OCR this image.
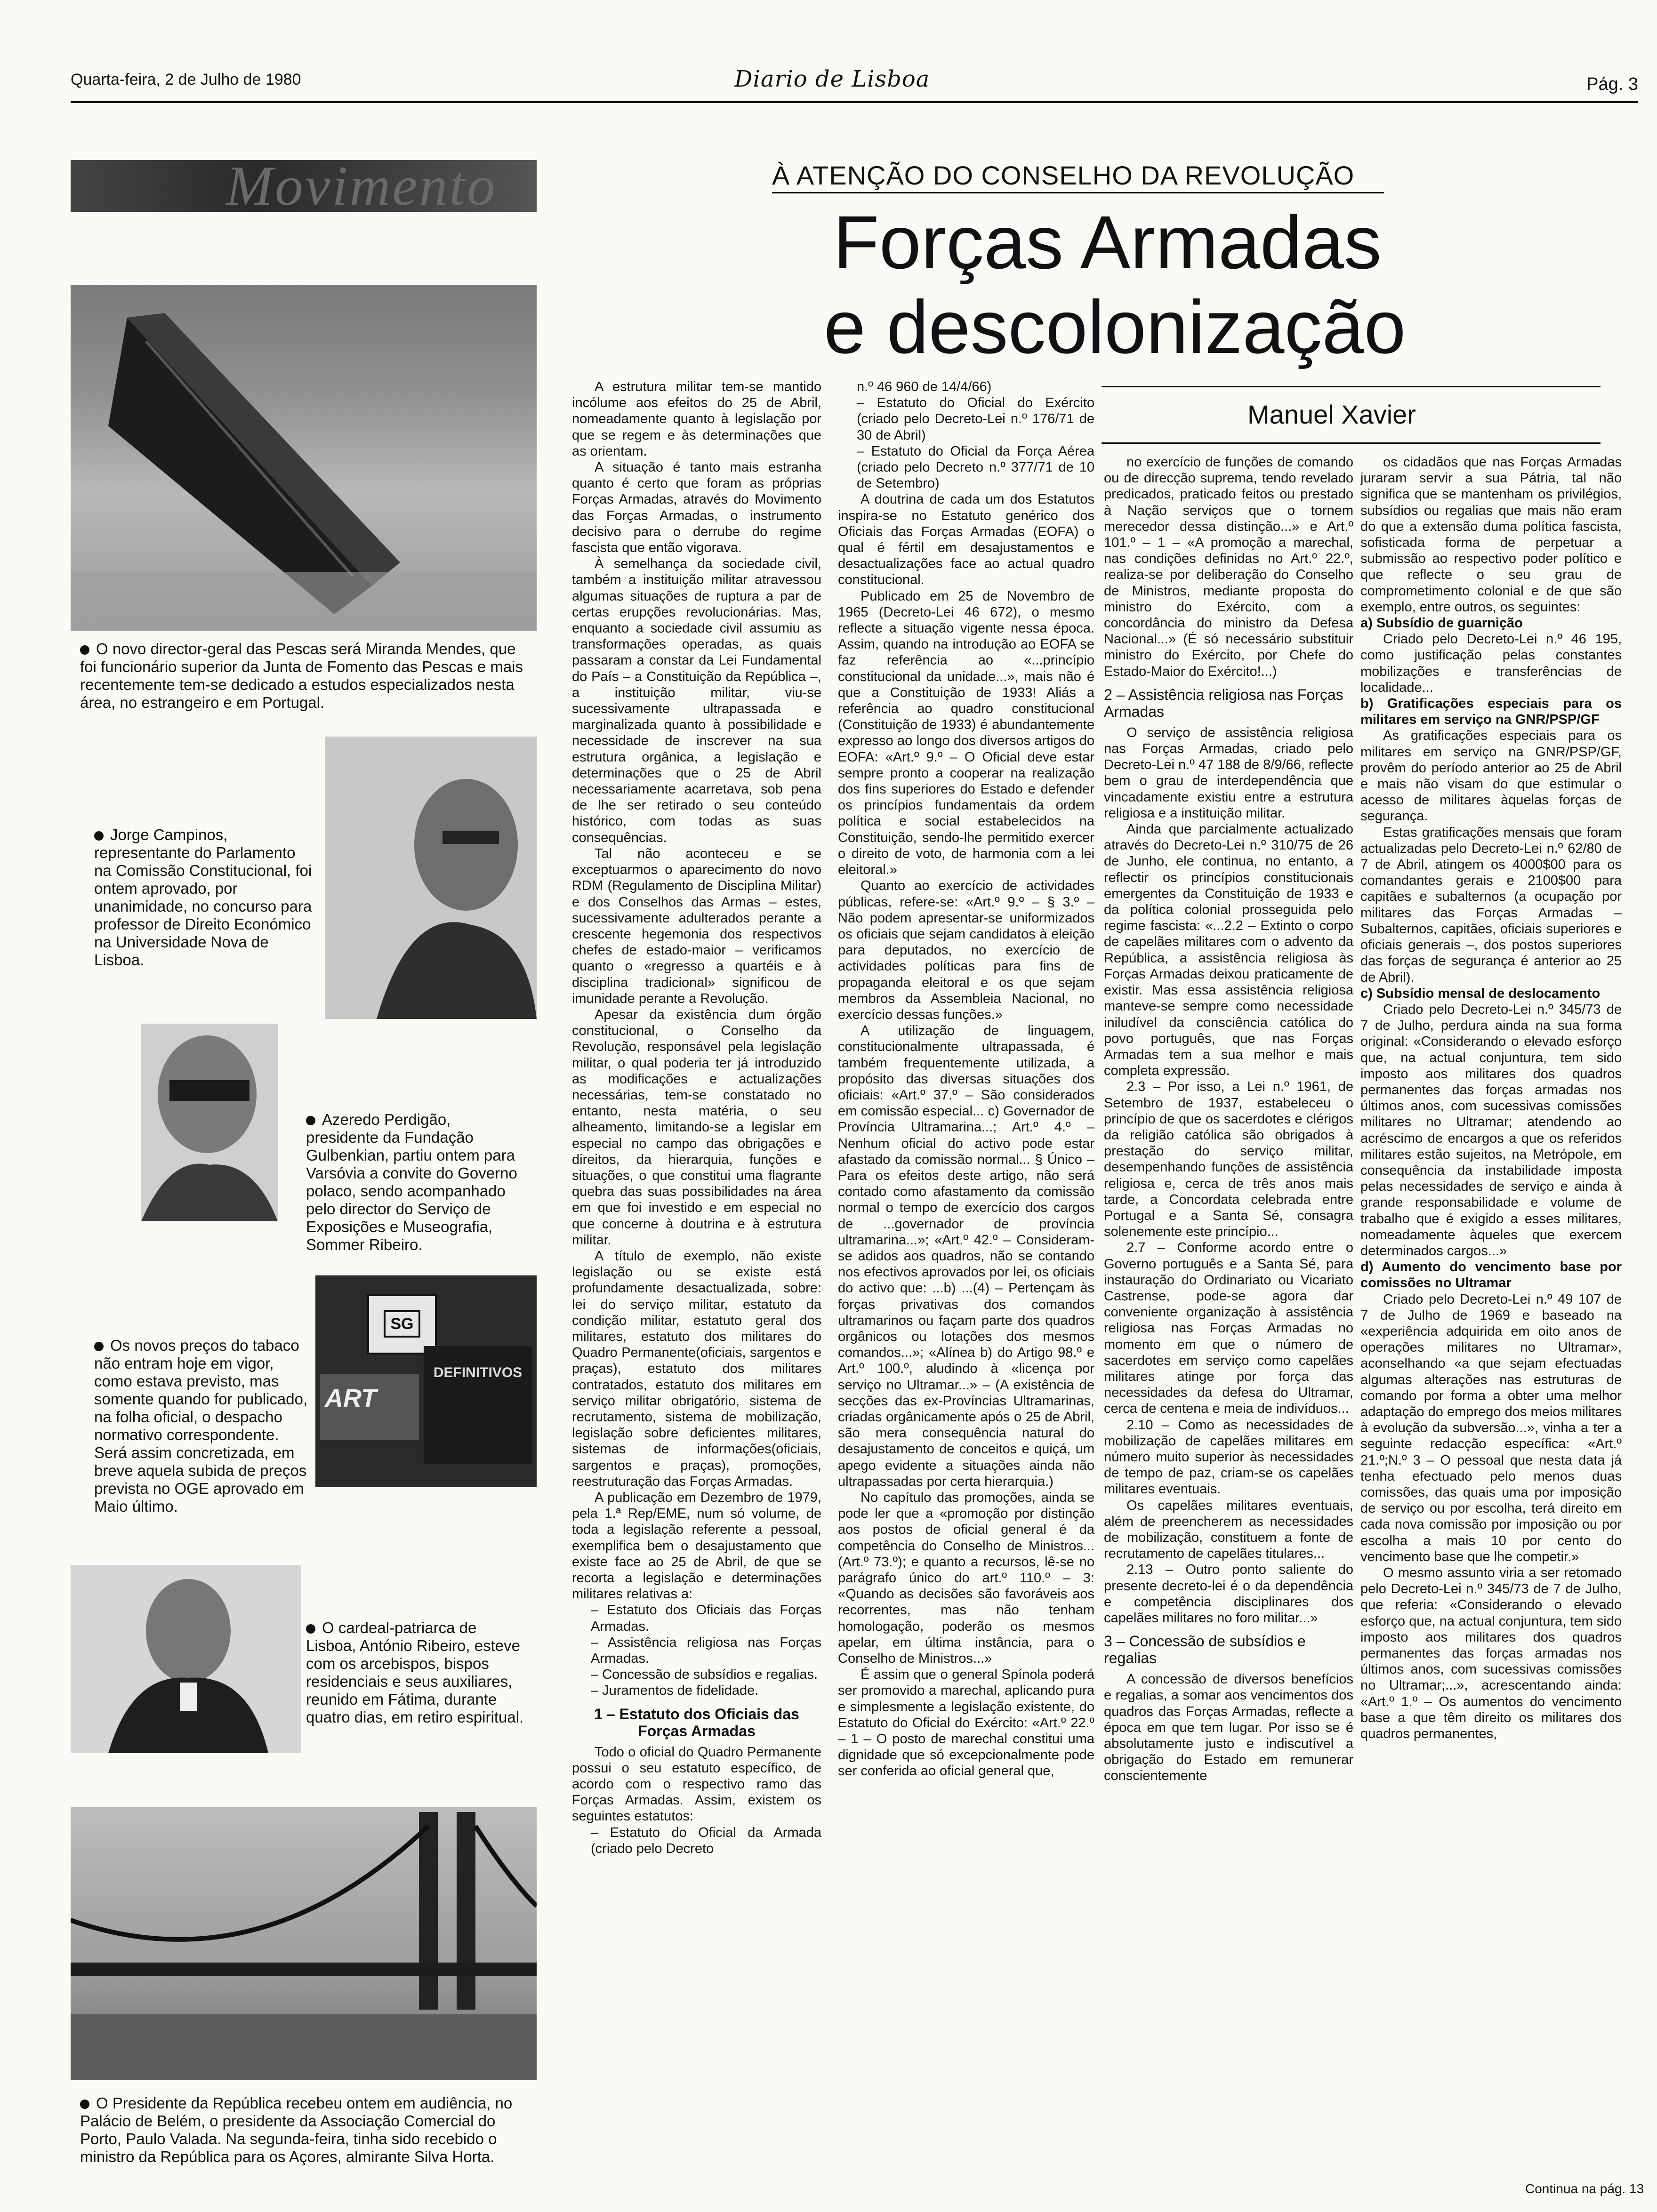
Quarta-feira, 2 de Julho de 1980	Diario de Lisboa	Pág. 3
Movimento
O novo director-geral das Pescas será Miranda Mendes, que foi funcionário superior da Junta de Fomento das Pescas e mais recentemente tem-se dedicado a estudos especializados nesta área, no estrangeiro e em Portugal.
Jorge Campinos, representante do Parlamento na Comissão Constitucional, foi ontem aprovado, por unanimidade, no concurso para professor de Direito Económico na Universidade Nova de Lisboa.
Azeredo Perdigão, presidente da Fundação Gulbenkian, partiu ontem para Varsóvia a convite do Governo polaco, sendo acompanhado pelo director do Serviço de Exposições e Museografia, Sommer Ribeiro.
SG
ART
DEFINITIVOS
Os novos preços do tabaco não entram hoje em vigor, como estava previsto, mas somente quando for publicado, na folha oficial, o despacho normativo correspondente. Será assim concretizada, em breve aquela subida de preços prevista no OGE aprovado em Maio último.
O cardeal-patriarca de Lisboa, António Ribeiro, esteve com os arcebispos, bispos residenciais e seus auxiliares, reunido em Fátima, durante quatro dias, em retiro espiritual.
O Presidente da República recebeu ontem em audiência, no Palácio de Belém, o presidente da Associação Comercial do Porto, Paulo Valada. Na segunda-feira, tinha sido recebido o ministro da República para os Açores, almirante Silva Horta.
À ATENÇÃO DO CONSELHO DA REVOLUÇÃO
Forças Armadas
e descolonização
Manuel Xavier

A estrutura militar tem-se mantido incólume aos efeitos do 25 de Abril, nomeadamente quanto à legislação por que se regem e às determinações que as orientam.

A situação é tanto mais estranha quanto é certo que foram as próprias Forças Armadas, através do Movimento das Forças Armadas, o instrumento decisivo para o derrube do regime fascista que então vigorava.

À semelhança da sociedade civil, também a instituição militar atravessou algumas situações de ruptura a par de certas erupções revolucionárias. Mas, enquanto a sociedade civil assumiu as transformações operadas, as quais passaram a constar da Lei Fundamental do País – a Constituição da República –, a instituição militar, viu-se sucessivamente ultrapassada e marginalizada quanto à possibilidade e necessidade de inscrever na sua estrutura orgânica, a legislação e determinações que o 25 de Abril necessariamente acarretava, sob pena de lhe ser retirado o seu conteúdo histórico, com todas as suas consequências.

Tal não aconteceu e se exceptuarmos o aparecimento do novo RDM (Regulamento de Disciplina Militar) e dos Conselhos das Armas – estes, sucessivamente adulterados perante a crescente hegemonia dos respectivos chefes de estado-maior – verificamos quanto o «regresso a quartéis e à disciplina tradicional» significou de imunidade perante a Revolução.

Apesar da existência dum órgão constitucional, o Conselho da Revolução, responsável pela legislação militar, o qual poderia ter já introduzido as modificações e actualizações necessárias, tem-se constatado no entanto, nesta matéria, o seu alheamento, limitando-se a legislar em especial no campo das obrigações e direitos, da hierarquia, funções e situações, o que constitui uma flagrante quebra das suas possibilidades na área em que foi investido e em especial no que concerne à doutrina e à estrutura militar.

A título de exemplo, não existe legislação ou se existe está profundamente desactualizada, sobre: lei do serviço militar, estatuto da condição militar, estatuto geral dos militares, estatuto dos militares do Quadro Permanente(oficiais, sargentos e praças), estatuto dos militares contratados, estatuto dos militares em serviço militar obrigatório, sistema de recrutamento, sistema de mobilização, legislação sobre deficientes militares, sistemas de informações(oficiais, sargentos e praças), promoções, reestruturação das Forças Armadas.

A publicação em Dezembro de 1979, pela 1.ª Rep/EME, num só volume, de toda a legislação referente a pessoal, exemplifica bem o desajustamento que existe face ao 25 de Abril, de que se recorta a legislação e determinações militares relativas a:

– Estatuto dos Oficiais das Forças Armadas.

– Assistência religiosa nas Forças Armadas.

– Concessão de subsídios e regalias.

– Juramentos de fidelidade.

1 – Estatuto dos Oficiais das Forças Armadas

Todo o oficial do Quadro Permanente possui o seu estatuto específico, de acordo com o respectivo ramo das Forças Armadas. Assim, existem os seguintes estatutos:

– Estatuto do Oficial da Armada (criado pelo Decreto

n.º 46 960 de 14/4/66)

– Estatuto do Oficial do Exército (criado pelo Decreto-Lei n.º 176/71 de 30 de Abril)

– Estatuto do Oficial da Força Aérea (criado pelo Decreto n.º 377/71 de 10 de Setembro)

A doutrina de cada um dos Estatutos inspira-se no Estatuto genérico dos Oficiais das Forças Armadas (EOFA) o qual é fértil em desajustamentos e desactualizações face ao actual quadro constitucional.

Publicado em 25 de Novembro de 1965 (Decreto-Lei 46 672), o mesmo reflecte a situação vigente nessa época. Assim, quando na introdução ao EOFA se faz referência ao «...princípio constitucional da unidade...», mais não é que a Constituição de 1933! Aliás a referência ao quadro constitucional (Constituição de 1933) é abundantemente expresso ao longo dos diversos artigos do EOFA: «Art.º 9.º – O Oficial deve estar sempre pronto a cooperar na realização dos fins superiores do Estado e defender os princípios fundamentais da ordem política e social estabelecidos na Constituição, sendo-lhe permitido exercer o direito de voto, de harmonia com a lei eleitoral.»

Quanto ao exercício de actividades públicas, refere-se: «Art.º 9.º – § 3.º – Não podem apresentar-se uniformizados os oficiais que sejam candidatos à eleição para deputados, no exercício de actividades políticas para fins de propaganda eleitoral e os que sejam membros da Assembleia Nacional, no exercício dessas funções.»

A utilização de linguagem, constitucionalmente ultrapassada, é também frequentemente utilizada, a propósito das diversas situações dos oficiais: «Art.º 37.º – São considerados em comissão especial... c) Governador de Província Ultramarina...; Art.º 4.º – Nenhum oficial do activo pode estar afastado da comissão normal... § Único – Para os efeitos deste artigo, não será contado como afastamento da comissão normal o tempo de exercício dos cargos de ...governador de província ultramarina...»; «Art.º 42.º – Consideram-se adidos aos quadros, não se contando nos efectivos aprovados por lei, os oficiais do activo que: ...b) ...(4) – Pertençam às forças privativas dos comandos ultramarinos ou façam parte dos quadros orgânicos ou lotações dos mesmos comandos...»; «Alínea b) do Artigo 98.º e Art.º 100.º, aludindo à «licença por serviço no Ultramar...» – (A existência de secções das ex-Províncias Ultramarinas, criadas orgânicamente após o 25 de Abril, são mera consequência natural do desajustamento de conceitos e quiçá, um apego evidente a situações ainda não ultrapassadas por certa hierarquia.)

No capítulo das promoções, ainda se pode ler que a «promoção por distinção aos postos de oficial general é da competência do Conselho de Ministros... (Art.º 73.º); e quanto a recursos, lê-se no parágrafo único do art.º 110.º – 3: «Quando as decisões são favoráveis aos recorrentes, mas não tenham homologação, poderão os mesmos apelar, em última instância, para o Conselho de Ministros...»

É assim que o general Spínola poderá ser promovido a marechal, aplicando pura e simplesmente a legislação existente, do Estatuto do Oficial do Exército: «Art.º 22.º – 1 – O posto de marechal constitui uma dignidade que só excepcionalmente pode ser conferida ao oficial general que,

no exercício de funções de comando ou de direcção suprema, tendo revelado predicados, praticado feitos ou prestado à Nação serviços que o tornem merecedor dessa distinção...» e Art.º 101.º – 1 – «A promoção a marechal, nas condições definidas no Art.º 22.º, realiza-se por deliberação do Conselho de Ministros, mediante proposta do ministro do Exército, com a concordância do ministro da Defesa Nacional...» (É só necessário substituir ministro do Exército, por Chefe do Estado-Maior do Exército!...)

2 – Assistência religiosa nas Forças Armadas

O serviço de assistência religiosa nas Forças Armadas, criado pelo Decreto-Lei n.º 47 188 de 8/9/66, reflecte bem o grau de interdependência que vincadamente existiu entre a estrutura religiosa e a instituição militar.

Ainda que parcialmente actualizado através do Decreto-Lei n.º 310/75 de 26 de Junho, ele continua, no entanto, a reflectir os princípios constitucionais emergentes da Constituição de 1933 e da política colonial prosseguida pelo regime fascista: «...2.2 – Extinto o corpo de capelães militares com o advento da República, a assistência religiosa às Forças Armadas deixou praticamente de existir. Mas essa assistência religiosa manteve-se sempre como necessidade iniludível da consciência católica do povo português, que nas Forças Armadas tem a sua melhor e mais completa expressão.

2.3 – Por isso, a Lei n.º 1961, de Setembro de 1937, estabeleceu o princípio de que os sacerdotes e clérigos da religião católica são obrigados à prestação do serviço militar, desempenhando funções de assistência religiosa e, cerca de três anos mais tarde, a Concordata celebrada entre Portugal e a Santa Sé, consagra solenemente este princípio...

2.7 – Conforme acordo entre o Governo português e a Santa Sé, para instauração do Ordinariato ou Vicariato Castrense, pode-se agora dar conveniente organização à assistência religiosa nas Forças Armadas no momento em que o número de sacerdotes em serviço como capelães militares atinge por força das necessidades da defesa do Ultramar, cerca de centena e meia de indivíduos...

2.10 – Como as necessidades de mobilização de capelães militares em número muito superior às necessidades de tempo de paz, criam-se os capelães militares eventuais.

Os capelães militares eventuais, além de preencherem as necessidades de mobilização, constituem a fonte de recrutamento de capelães titulares...

2.13 – Outro ponto saliente do presente decreto-lei é o da dependência e competência disciplinares dos capelães militares no foro militar...»

3 – Concessão de subsídios e regalias

A concessão de diversos benefícios e regalias, a somar aos vencimentos dos quadros das Forças Armadas, reflecte a época em que tem lugar. Por isso se é absolutamente justo e indiscutível a obrigação do Estado em remunerar conscientemente

os cidadãos que nas Forças Armadas juraram servir a sua Pátria, tal não significa que se mantenham os privilégios, subsídios ou regalias que mais não eram do que a extensão duma política fascista, sofisticada forma de perpetuar a submissão ao respectivo poder político e que reflecte o seu grau de comprometimento colonial e de que são exemplo, entre outros, os seguintes:

a) Subsídio de guarnição

Criado pelo Decreto-Lei n.º 46 195, como justificação pelas constantes mobilizações e transferências de localidade...

b) Gratificações especiais para os militares em serviço na GNR/PSP/GF

As gratificações especiais para os militares em serviço na GNR/PSP/GF, provêm do período anterior ao 25 de Abril e mais não visam do que estimular o acesso de militares àquelas forças de segurança.

Estas gratificações mensais que foram actualizadas pelo Decreto-Lei n.º 62/80 de 7 de Abril, atingem os 4000$00 para os comandantes gerais e 2100$00 para capitães e subalternos (a ocupação por militares das Forças Armadas – Subalternos, capitães, oficiais superiores e oficiais generais –, dos postos superiores das forças de segurança é anterior ao 25 de Abril).

c) Subsídio mensal de deslocamento

Criado pelo Decreto-Lei n.º 345/73 de 7 de Julho, perdura ainda na sua forma original: «Considerando o elevado esforço que, na actual conjuntura, tem sido imposto aos militares dos quadros permanentes das forças armadas nos últimos anos, com sucessivas comissões militares no Ultramar; atendendo ao acréscimo de encargos a que os referidos militares estão sujeitos, na Metrópole, em consequência da instabilidade imposta pelas necessidades de serviço e ainda à grande responsabilidade e volume de trabalho que é exigido a esses militares, nomeadamente àqueles que exercem determinados cargos...»

d) Aumento do vencimento base por comissões no Ultramar

Criado pelo Decreto-Lei n.º 49 107 de 7 de Julho de 1969 e baseado na «experiência adquirida em oito anos de operações militares no Ultramar», aconselhando «a que sejam efectuadas algumas alterações nas estruturas de comando por forma a obter uma melhor adaptação do emprego dos meios militares à evolução da subversão...», vinha a ter a seguinte redacção específica: «Art.º 21.º;N.º 3 – O pessoal que nesta data já tenha efectuado pelo menos duas comissões, das quais uma por imposição de serviço ou por escolha, terá direito em cada nova comissão por imposição ou por escolha a mais 10 por cento do vencimento base que lhe competir.»

O mesmo assunto viria a ser retomado pelo Decreto-Lei n.º 345/73 de 7 de Julho, que referia: «Considerando o elevado esforço que, na actual conjuntura, tem sido imposto aos militares dos quadros permanentes das forças armadas nos últimos anos, com sucessivas comissões no Ultramar;...», acrescentando ainda: «Art.º 1.º – Os aumentos do vencimento base a que têm direito os militares dos quadros permanentes,

Continua na pág. 13
